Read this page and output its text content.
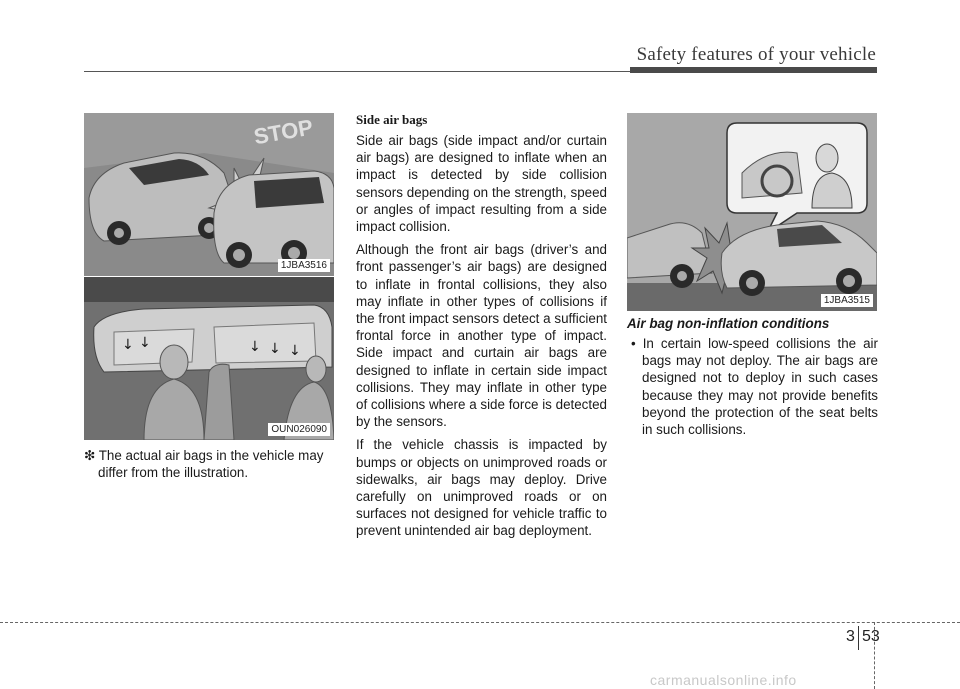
Safety features of your vehicle
STOP
1JBA3516
↓ ↓	↓ ↓ ↓
OUN026090
❇ The actual air bags in the vehicle may differ from the illustration.

Side air bags

Side air bags (side impact and/or curtain air bags) are designed to inflate when an impact is detected by side collision sensors depending on the strength, speed or angles of impact resulting from a side impact collision.

Although the front air bags (driver’s and front passenger’s air bags) are designed to inflate in frontal collisions, they also may inflate in other types of collisions if the front impact sensors detect a sufficient frontal force in another type of impact. Side impact and curtain air bags are designed to inflate in certain side impact collisions. They may inflate in other type of collisions where a side force is detected by the sensors.

If the vehicle chassis is impacted by bumps or objects on unimproved roads or sidewalks, air bags may deploy. Drive carefully on unimproved roads or on surfaces not designed for vehicle traffic to prevent unintended air bag deployment.

1JBA3515

Air bag non-inflation conditions

• In certain low-speed collisions the air bags may not deploy. The air bags are designed not to deploy in such cases because they may not provide benefits beyond the protection of the seat belts in such collisions.

3 53
carmanualsonline.info
